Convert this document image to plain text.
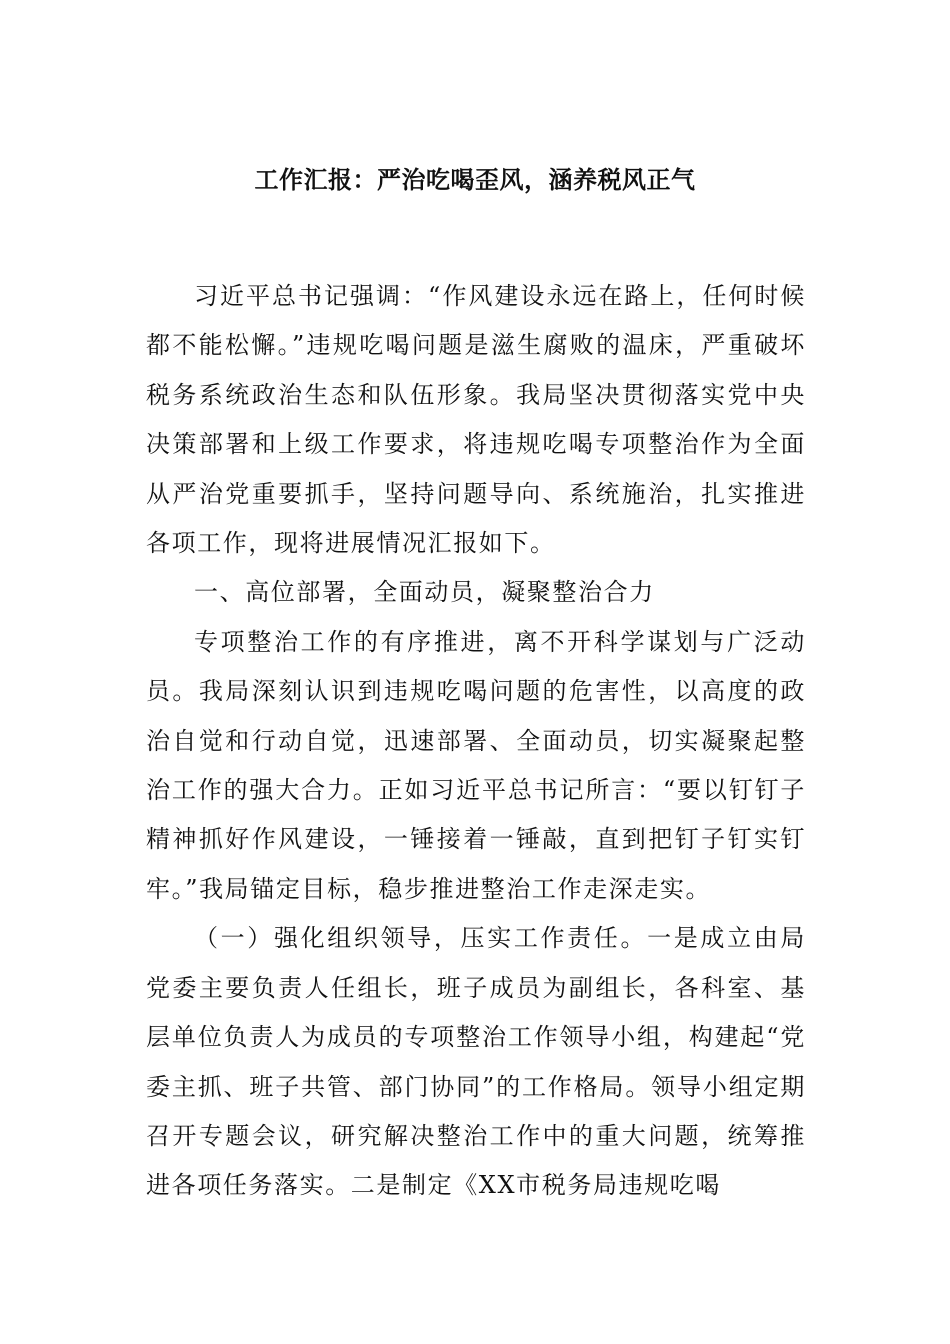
工作汇报：严治吃喝歪风，涵养税风正气

习近平总书记强调：“作风建设永远在路上，任何时候都不能松懈。”违规吃喝问题是滋生腐败的温床，严重破坏税务系统政治生态和队伍形象。我局坚决贯彻落实党中央决策部署和上级工作要求，将违规吃喝专项整治作为全面从严治党重要抓手，坚持问题导向、系统施治，扎实推进各项工作，现将进展情况汇报如下。

一、高位部署，全面动员，凝聚整治合力

专项整治工作的有序推进，离不开科学谋划与广泛动员。我局深刻认识到违规吃喝问题的危害性，以高度的政治自觉和行动自觉，迅速部署、全面动员，切实凝聚起整治工作的强大合力。正如习近平总书记所言：“要以钉钉子精神抓好作风建设，一锤接着一锤敲，直到把钉子钉实钉牢。”我局锚定目标，稳步推进整治工作走深走实。

（一）强化组织领导，压实工作责任。一是成立由局党委主要负责人任组长，班子成员为副组长，各科室、基层单位负责人为成员的专项整治工作领导小组，构建起“党委主抓、班子共管、部门协同”的工作格局。领导小组定期召开专题会议，研究解决整治工作中的重大问题，统筹推进各项任务落实。二是制定《XX市税务局违规吃喝
